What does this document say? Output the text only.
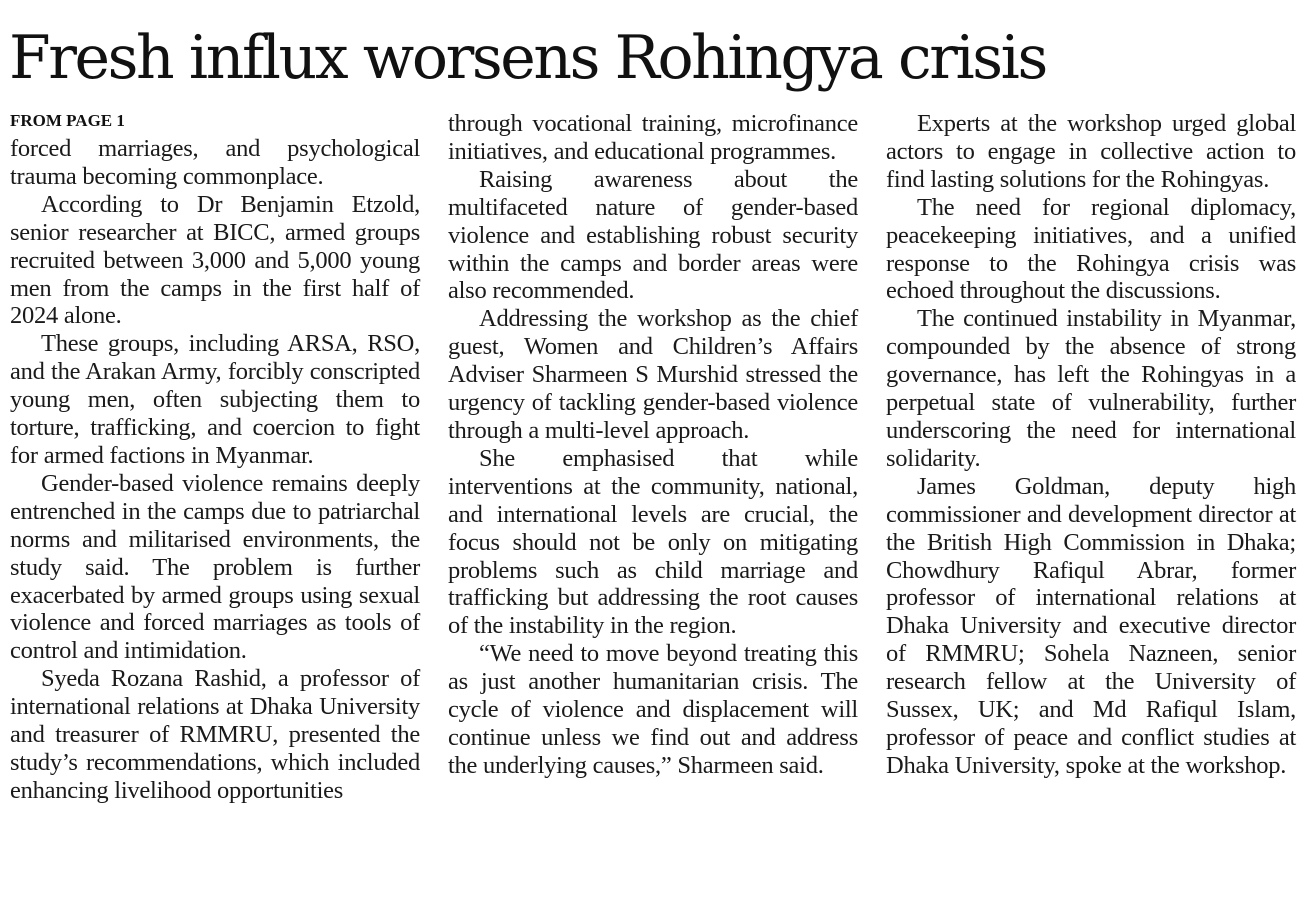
Fresh influx worsens Rohingya crisis
FROM PAGE 1

forced marriages, and psychological trauma becoming commonplace.

According to Dr Benjamin Etzold, senior researcher at BICC, armed groups recruited between 3,000 and 5,000 young men from the camps in the first half of 2024 alone.

These groups, including ARSA, RSO, and the Arakan Army, forcibly conscripted young men, often subjecting them to torture, trafficking, and coercion to fight for armed factions in Myanmar.

Gender-based violence remains deeply entrenched in the camps due to patriarchal norms and militarised environments, the study said. The problem is further exacerbated by armed groups using sexual violence and forced marriages as tools of control and intimidation.

Syeda Rozana Rashid, a professor of international relations at Dhaka University and treasurer of RMMRU, presented the study’s recommendations, which included enhancing livelihood opportunities

through vocational training, microfinance initiatives, and educational programmes.

Raising awareness about the multifaceted nature of gender-based violence and establishing robust security within the camps and border areas were also recommended.

Addressing the workshop as the chief guest, Women and Children’s Affairs Adviser Sharmeen S Murshid stressed the urgency of tackling gender-based violence through a multi-level approach.

She emphasised that while interventions at the community, national, and international levels are crucial, the focus should not be only on mitigating problems such as child marriage and trafficking but addressing the root causes of the instability in the region.

“We need to move beyond treating this as just another humanitarian crisis. The cycle of violence and displacement will continue unless we find out and address the underlying causes,” Sharmeen said.

Experts at the workshop urged global actors to engage in collective action to find lasting solutions for the Rohingyas.

The need for regional diplomacy, peacekeeping initiatives, and a unified response to the Rohingya crisis was echoed throughout the discussions.

The continued instability in Myanmar, compounded by the absence of strong governance, has left the Rohingyas in a perpetual state of vulnerability, further underscoring the need for international solidarity.

James Goldman, deputy high commissioner and development director at the British High Commission in Dhaka; Chowdhury Rafiqul Abrar, former professor of international relations at Dhaka University and executive director of RMMRU; Sohela Nazneen, senior research fellow at the University of Sussex, UK; and Md Rafiqul Islam, professor of peace and conflict studies at Dhaka University, spoke at the workshop.
